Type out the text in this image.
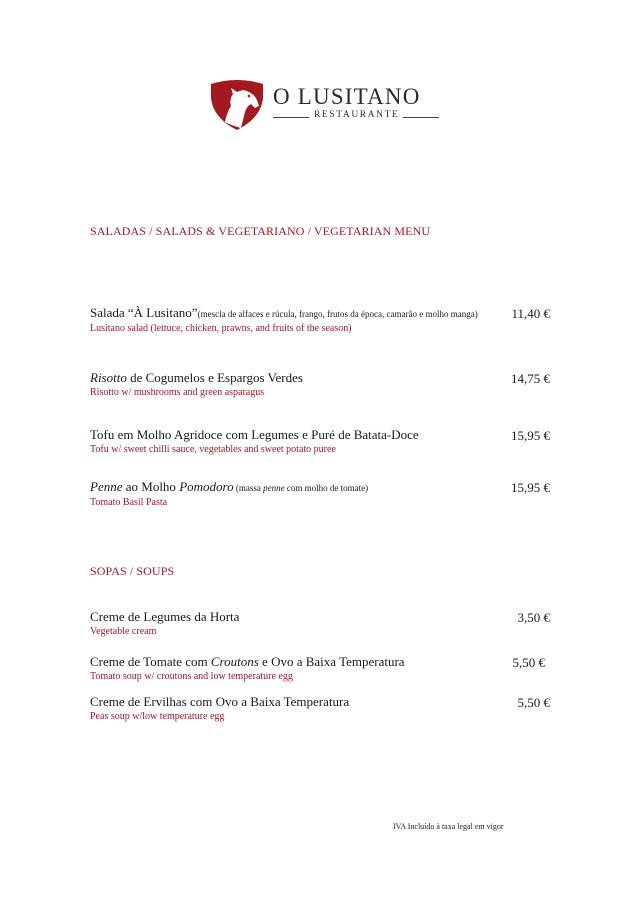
O LUSITANO
RESTAURANTE
SALADAS / SALADS & VEGETARIANO / VEGETARIAN MENU
Salada “À Lusitano”(mescla de alfaces e rúcula, frango, frutos da época, camarão e molho manga)
Lusitano salad (lettuce, chicken, prawns, and fruits of the season)
11,40 €
Risotto de Cogumelos e Espargos Verdes
Risotto w/ mushrooms and green asparagus
14,75 €
Tofu em Molho Agridoce com Legumes e Puré de Batata-Doce
Tofu w/ sweet chilli sauce, vegetables and sweet potato puree
15,95 €
Penne ao Molho Pomodoro (massa penne com molho de tomate)
Tomato Basil Pasta
15,95 €
SOPAS / SOUPS
Creme de Legumes da Horta
Vegetable cream
3,50 €
Creme de Tomate com Croutons e Ovo a Baixa Temperatura
Tomato soup w/ croutons and low temperature egg
5,50 €
Creme de Ervilhas com Ovo a Baixa Temperatura
Peas soup w/low temperature egg
5,50 €
IVA Incluído à taxa legal em vigor
